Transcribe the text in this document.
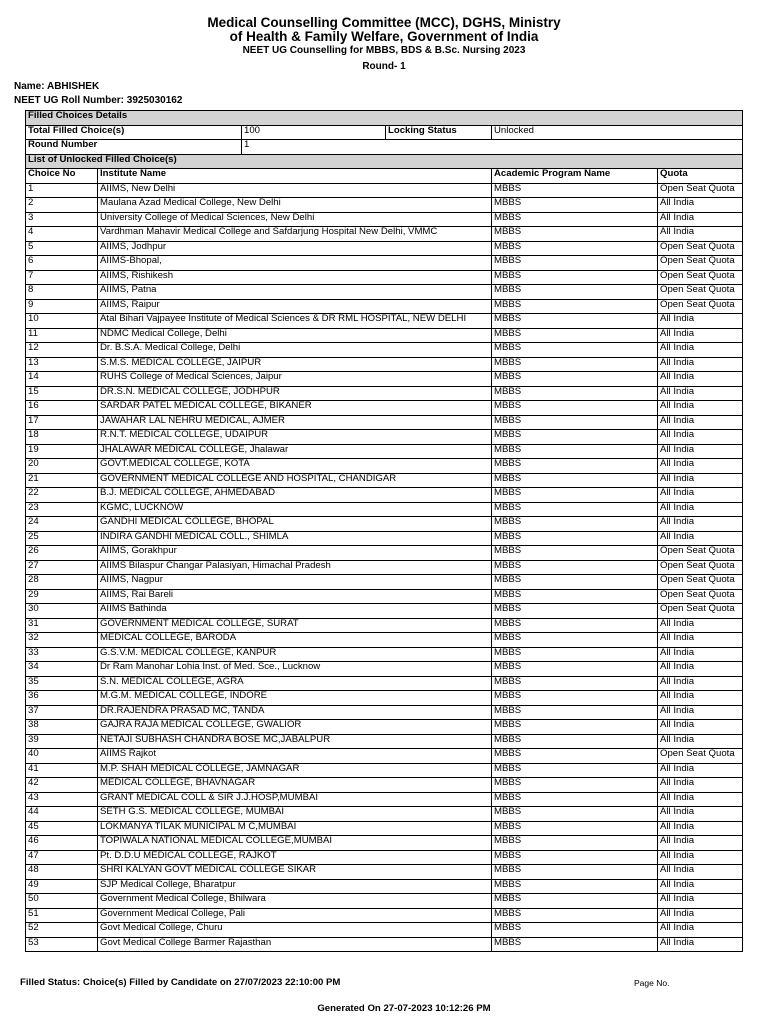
Medical Counselling Committee (MCC), DGHS, Ministry of Health & Family Welfare, Government of India
NEET UG Counselling for MBBS, BDS & B.Sc. Nursing 2023
Round- 1
Name: ABHISHEK
NEET UG Roll Number: 3925030162
Filled Choices Details					
Total Filled Choice(s)		100	Locking Status	Unlocked	
Round Number		1			
List of Unlocked Filled Choice(s)					
Choice No	Institute Name			Academic Program Name	Quota
1	AIIMS, New Delhi			MBBS	Open Seat Quota
2	Maulana Azad Medical College, New Delhi			MBBS	All India
3	University College of Medical Sciences, New Delhi			MBBS	All India
4	Vardhman Mahavir Medical College and Safdarjung Hospital New Delhi, VMMC			MBBS	All India
5	AIIMS, Jodhpur			MBBS	Open Seat Quota
6	AIIMS-Bhopal,			MBBS	Open Seat Quota
7	AIIMS, Rishikesh			MBBS	Open Seat Quota
8	AIIMS, Patna			MBBS	Open Seat Quota
9	AIIMS, Raipur			MBBS	Open Seat Quota
10	Atal Bihari Vajpayee Institute of Medical Sciences & DR RML HOSPITAL, NEW DELHI			MBBS	All India
11	NDMC Medical College, Delhi			MBBS	All India
12	Dr. B.S.A. Medical College, Delhi			MBBS	All India
13	S.M.S. MEDICAL COLLEGE, JAIPUR			MBBS	All India
14	RUHS College of Medical Sciences, Jaipur			MBBS	All India
15	DR.S.N. MEDICAL COLLEGE, JODHPUR			MBBS	All India
16	SARDAR PATEL MEDICAL COLLEGE, BIKANER			MBBS	All India
17	JAWAHAR LAL NEHRU MEDICAL, AJMER			MBBS	All India
18	R.N.T. MEDICAL COLLEGE, UDAIPUR			MBBS	All India
19	JHALAWAR MEDICAL COLLEGE, Jhalawar			MBBS	All India
20	GOVT.MEDICAL COLLEGE, KOTA			MBBS	All India
21	GOVERNMENT MEDICAL COLLEGE AND HOSPITAL, CHANDIGAR			MBBS	All India
22	B.J. MEDICAL COLLEGE, AHMEDABAD			MBBS	All India
23	KGMC, LUCKNOW			MBBS	All India
24	GANDHI MEDICAL COLLEGE, BHOPAL			MBBS	All India
25	INDIRA GANDHI MEDICAL COLL., SHIMLA			MBBS	All India
26	AIIMS, Gorakhpur			MBBS	Open Seat Quota
27	AIIMS Bilaspur Changar Palasiyan, Himachal Pradesh			MBBS	Open Seat Quota
28	AIIMS, Nagpur			MBBS	Open Seat Quota
29	AIIMS, Rai Bareli			MBBS	Open Seat Quota
30	AIIMS Bathinda			MBBS	Open Seat Quota
31	GOVERNMENT MEDICAL COLLEGE, SURAT			MBBS	All India
32	MEDICAL COLLEGE, BARODA			MBBS	All India
33	G.S.V.M. MEDICAL COLLEGE, KANPUR			MBBS	All India
34	Dr Ram Manohar Lohia Inst. of Med. Sce., Lucknow			MBBS	All India
35	S.N. MEDICAL COLLEGE, AGRA			MBBS	All India
36	M.G.M. MEDICAL COLLEGE, INDORE			MBBS	All India
37	DR.RAJENDRA PRASAD MC, TANDA			MBBS	All India
38	GAJRA RAJA MEDICAL COLLEGE, GWALIOR			MBBS	All India
39	NETAJI SUBHASH CHANDRA BOSE MC,JABALPUR			MBBS	All India
40	AIIMS Rajkot			MBBS	Open Seat Quota
41	M.P. SHAH MEDICAL COLLEGE, JAMNAGAR			MBBS	All India
42	MEDICAL COLLEGE, BHAVNAGAR			MBBS	All India
43	GRANT MEDICAL COLL & SIR J.J.HOSP,MUMBAI			MBBS	All India
44	SETH G.S. MEDICAL COLLEGE, MUMBAI			MBBS	All India
45	LOKMANYA TILAK MUNICIPAL M C,MUMBAI			MBBS	All India
46	TOPIWALA NATIONAL MEDICAL COLLEGE,MUMBAI			MBBS	All India
47	Pt. D.D.U MEDICAL COLLEGE, RAJKOT			MBBS	All India
48	SHRI KALYAN GOVT MEDICAL COLLEGE SIKAR			MBBS	All India
49	SJP Medical College, Bharatpur			MBBS	All India
50	Government Medical College, Bhilwara			MBBS	All India
51	Government Medical College, Pali			MBBS	All India
52	Govt Medical College, Churu			MBBS	All India
53	Govt Medical College Barmer Rajasthan			MBBS	All India
Filled Status: Choice(s) Filled by Candidate on 27/07/2023 22:10:00 PM	Page No.
Generated On 27-07-2023 10:12:26 PM
